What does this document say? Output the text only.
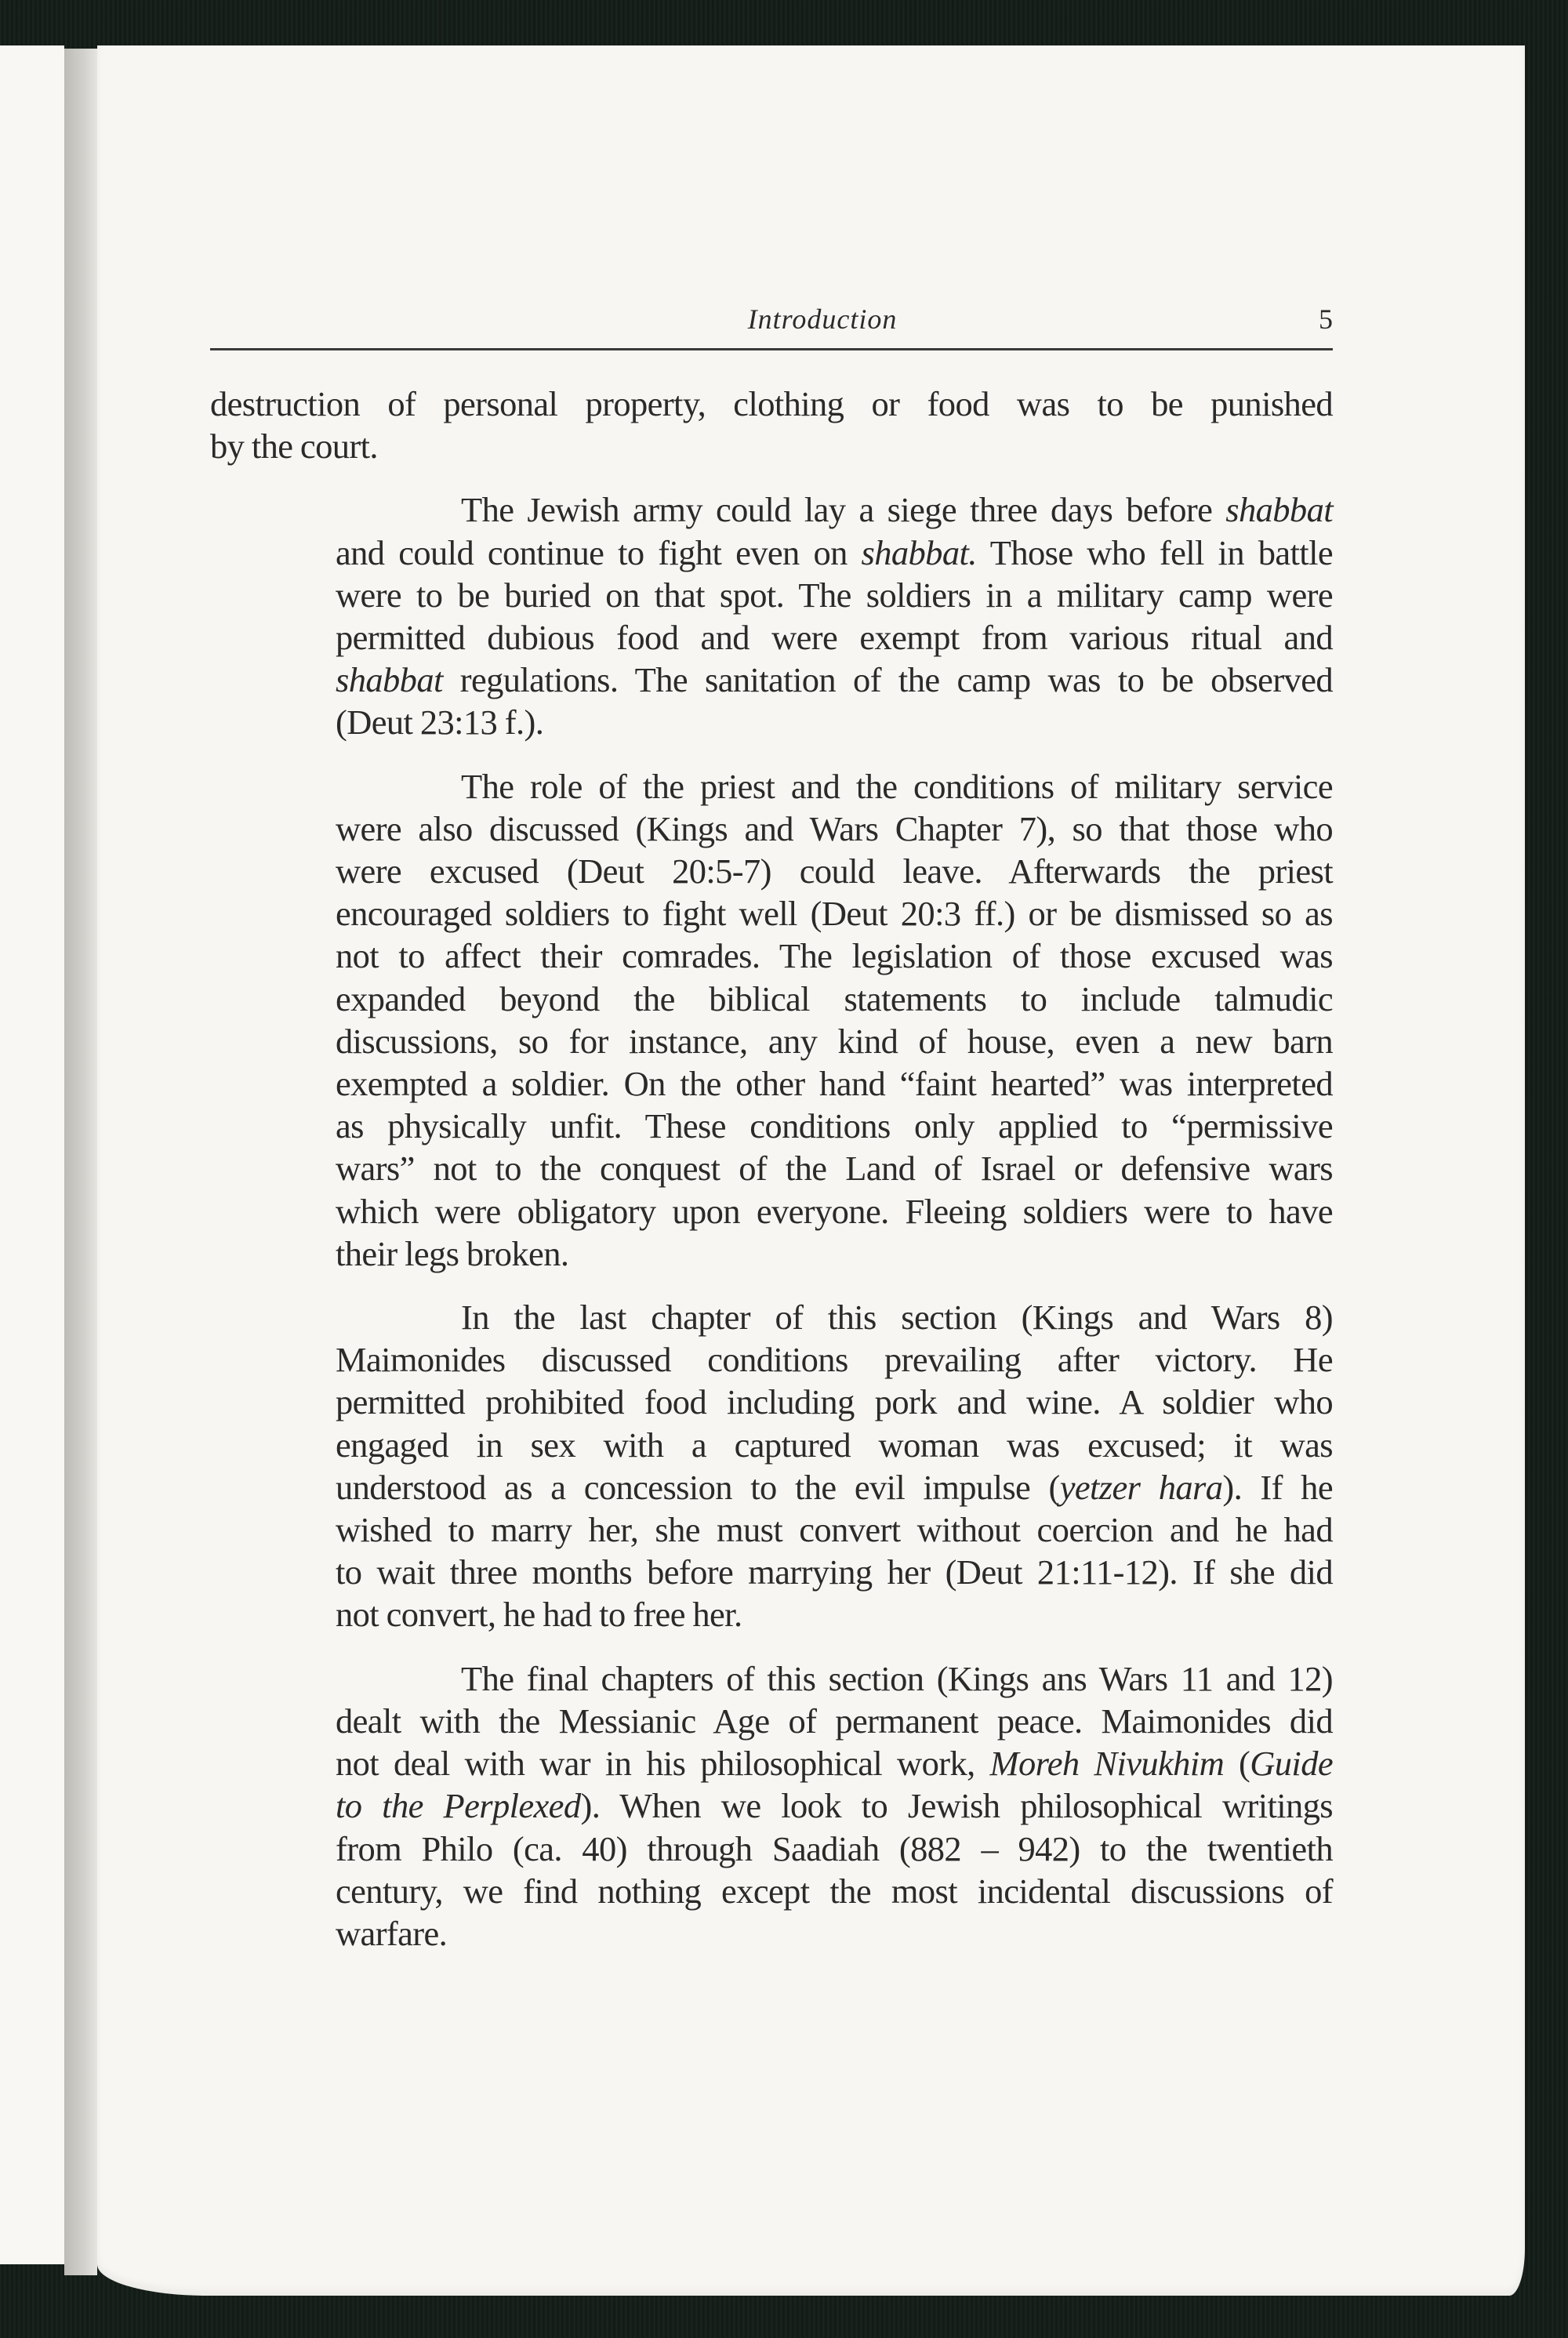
Introduction	5
destruction of personal property, clothing or food was to be punished
by the court.
The Jewish army could lay a siege three days before shabbat
and could continue to fight even on shabbat. Those who fell in battle
were to be buried on that spot. The soldiers in a military camp were
permitted dubious food and were exempt from various ritual and
shabbat regulations. The sanitation of the camp was to be observed
(Deut 23:13 f.).
The role of the priest and the conditions of military service
were also discussed (Kings and Wars Chapter 7), so that those who
were excused (Deut 20:5-7) could leave. Afterwards the priest
encouraged soldiers to fight well (Deut 20:3 ff.) or be dismissed so as
not to affect their comrades. The legislation of those excused was
expanded beyond the biblical statements to include talmudic
discussions, so for instance, any kind of house, even a new barn
exempted a soldier. On the other hand “faint hearted” was interpreted
as physically unfit. These conditions only applied to “permissive
wars” not to the conquest of the Land of Israel or defensive wars
which were obligatory upon everyone. Fleeing soldiers were to have
their legs broken.
In the last chapter of this section (Kings and Wars 8)
Maimonides discussed conditions prevailing after victory. He
permitted prohibited food including pork and wine. A soldier who
engaged in sex with a captured woman was excused; it was
understood as a concession to the evil impulse (yetzer hara). If he
wished to marry her, she must convert without coercion and he had
to wait three months before marrying her (Deut 21:11-12). If she did
not convert, he had to free her.
The final chapters of this section (Kings ans Wars 11 and 12)
dealt with the Messianic Age of permanent peace. Maimonides did
not deal with war in his philosophical work, Moreh Nivukhim (Guide
to the Perplexed). When we look to Jewish philosophical writings
from Philo (ca. 40) through Saadiah (882 – 942) to the twentieth
century, we find nothing except the most incidental discussions of
warfare.
